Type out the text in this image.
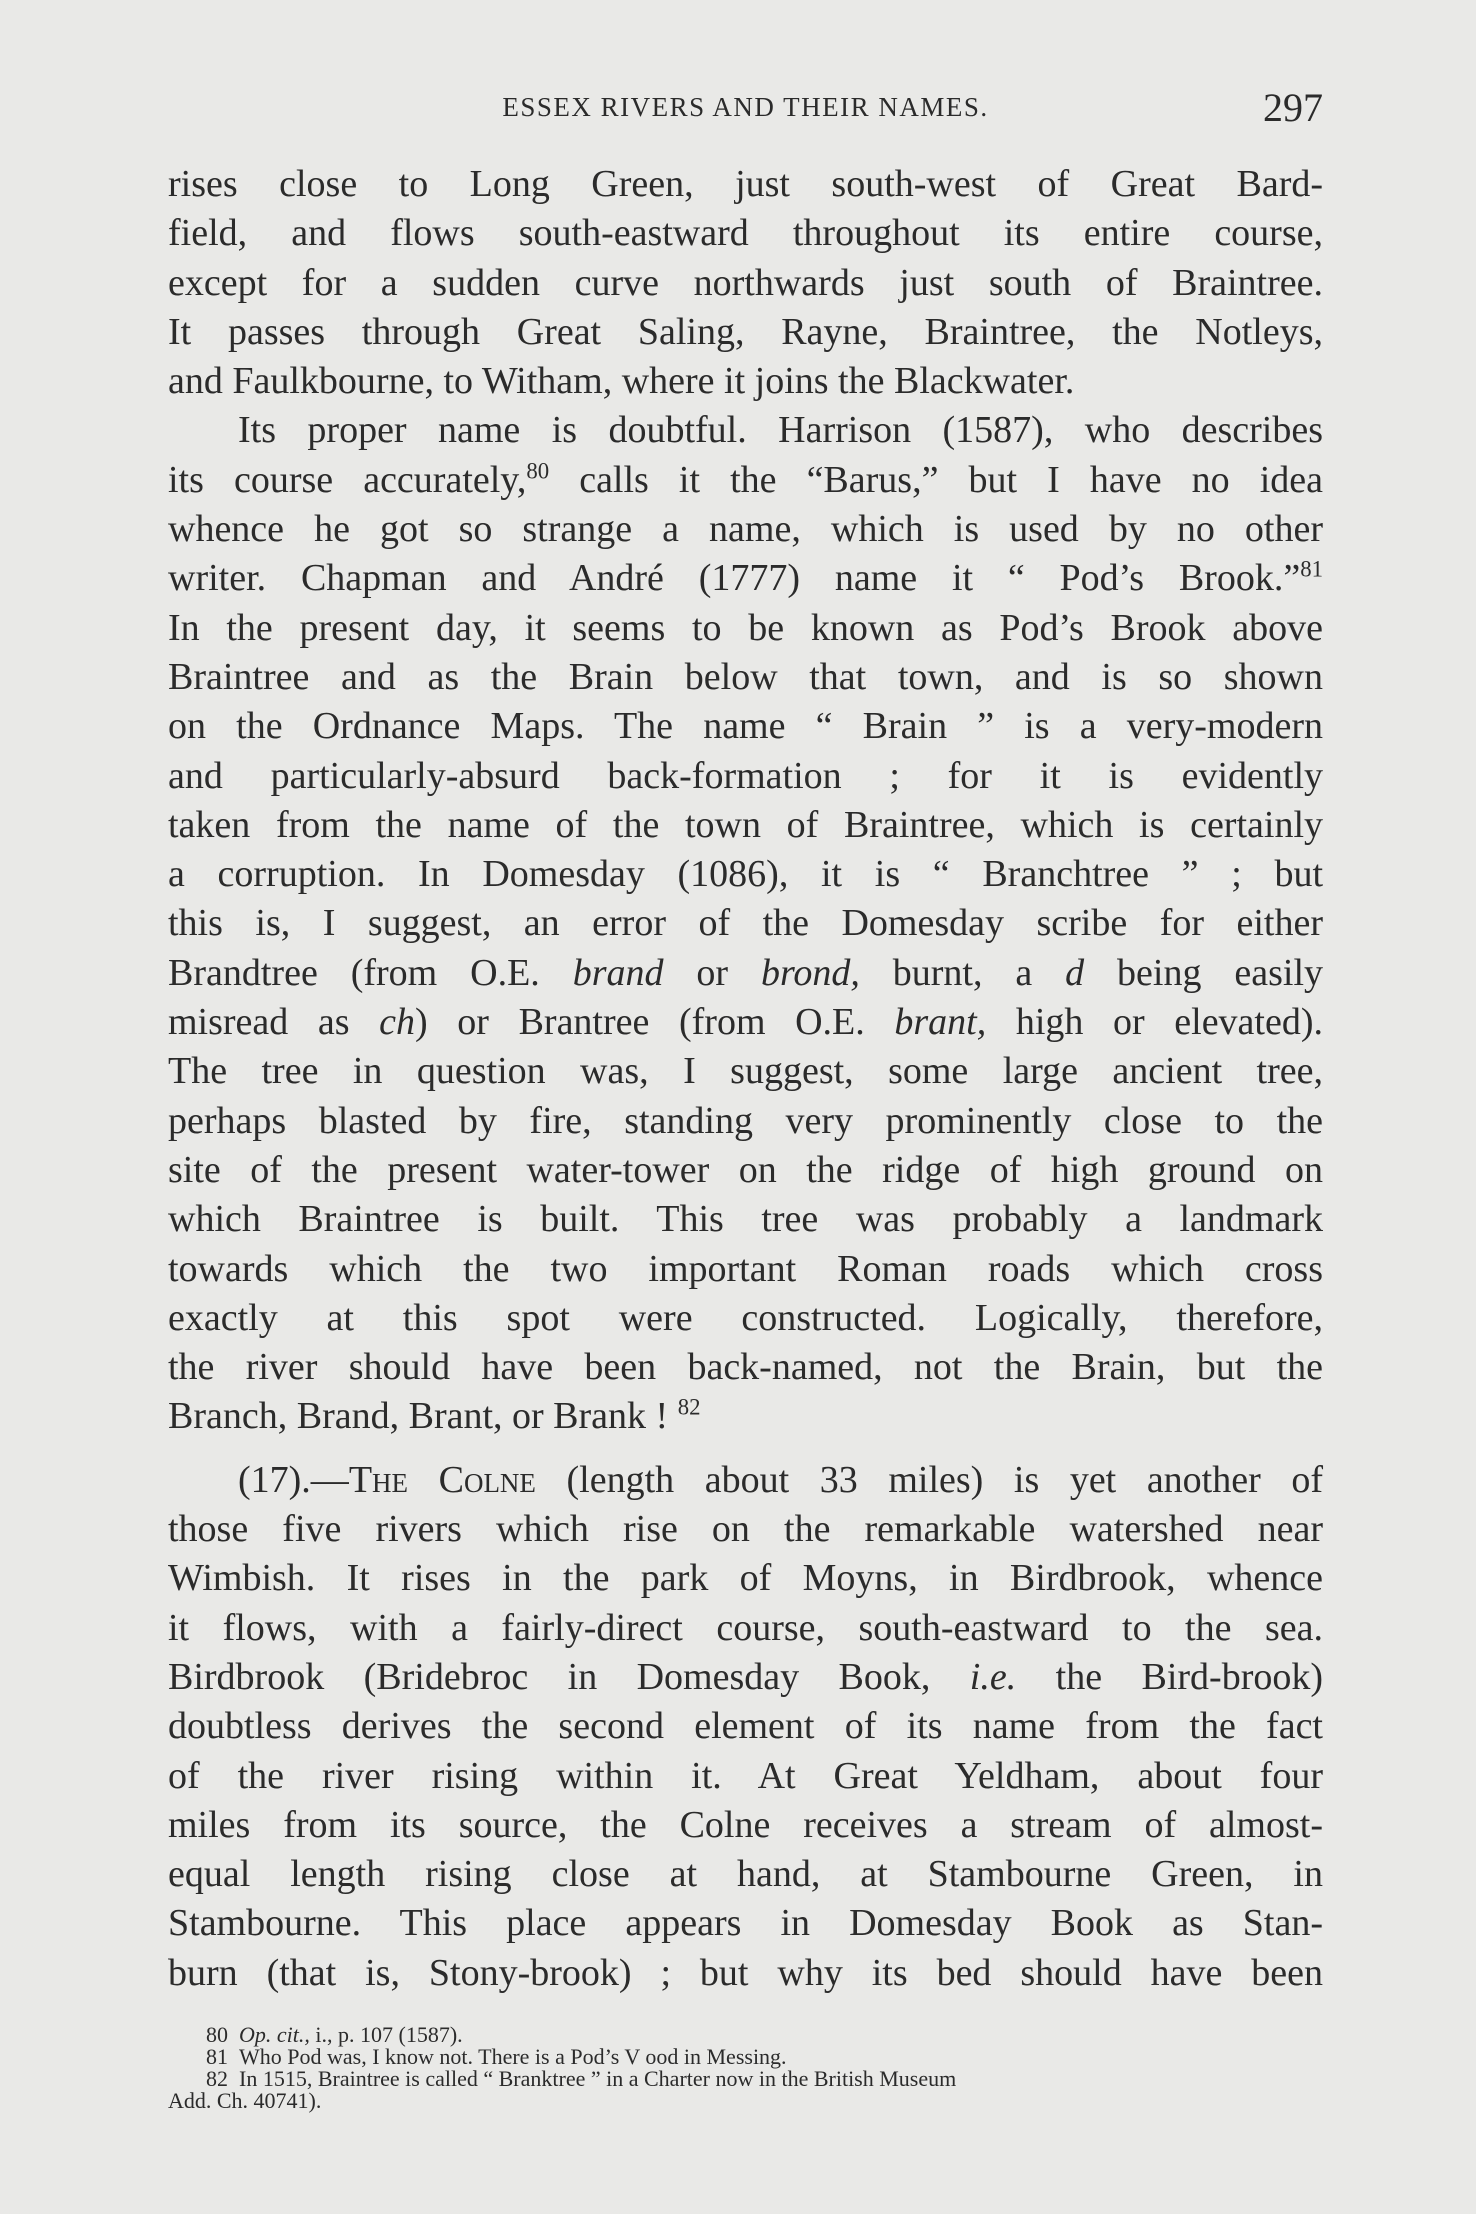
ESSEX RIVERS AND THEIR NAMES.	297
rises close to Long Green, just south-west of Great Bard-
field, and flows south-eastward throughout its entire course,
except for a sudden curve northwards just south of Braintree.
It passes through Great Saling, Rayne, Braintree, the Notleys,
and Faulkbourne, to Witham, where it joins the Blackwater.
Its proper name is doubtful. Harrison (1587), who describes
its course accurately,$^{80}$ calls it the “Barus,” but I have no idea
whence he got so strange a name, which is used by no other
writer. Chapman and André (1777) name it “ Pod’s Brook.”$^{81}$
In the present day, it seems to be known as Pod’s Brook above
Braintree and as the Brain below that town, and is so shown
on the Ordnance Maps. The name “ Brain ” is a very-modern
and particularly-absurd back-formation ; for it is evidently
taken from the name of the town of Braintree, which is certainly
a corruption. In Domesday (1086), it is “ Branchtree ” ; but
this is, I suggest, an error of the Domesday scribe for either
Brandtree (from O.E. brand or brond, burnt, a d being easily
misread as ch) or Brantree (from O.E. brant, high or elevated).
The tree in question was, I suggest, some large ancient tree,
perhaps blasted by fire, standing very prominently close to the
site of the present water-tower on the ridge of high ground on
which Braintree is built. This tree was probably a landmark
towards which the two important Roman roads which cross
exactly at this spot were constructed. Logically, therefore,
the river should have been back-named, not the Brain, but the
Branch, Brand, Brant, or Brank ! $^{82}$
(17).—The Colne (length about 33 miles) is yet another of
those five rivers which rise on the remarkable watershed near
Wimbish. It rises in the park of Moyns, in Birdbrook, whence
it flows, with a fairly-direct course, south-eastward to the sea.
Birdbrook (Bridebroc in Domesday Book, i.e. the Bird-brook)
doubtless derives the second element of its name from the fact
of the river rising within it. At Great Yeldham, about four
miles from its source, the Colne receives a stream of almost-
equal length rising close at hand, at Stambourne Green, in
Stambourne. This place appears in Domesday Book as Stan-
burn (that is, Stony-brook) ; but why its bed should have been
80 Op. cit., i., p. 107 (1587).
81 Who Pod was, I know not. There is a Pod’s V ood in Messing.
82 In 1515, Braintree is called “ Branktree ” in a Charter now in the British Museum
Add. Ch. 40741).
